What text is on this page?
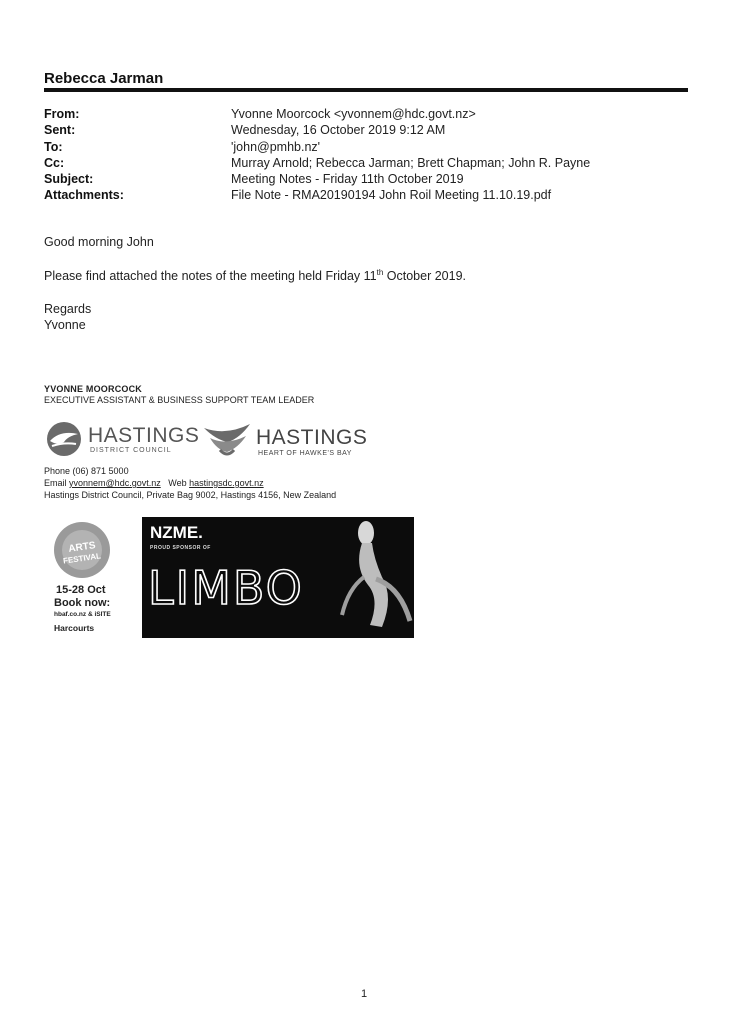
Rebecca Jarman
From:	Yvonne Moorcock <yvonnem@hdc.govt.nz>
Sent:	Wednesday, 16 October 2019 9:12 AM
To:	'john@pmhb.nz'
Cc:	Murray Arnold; Rebecca Jarman; Brett Chapman; John R. Payne
Subject:	Meeting Notes - Friday 11th October 2019
Attachments:	File Note - RMA20190194 John Roil Meeting 11.10.19.pdf
Good morning John
Please find attached the notes of the meeting held Friday 11th October 2019.
Regards
Yvonne
YVONNE MOORCOCK
EXECUTIVE ASSISTANT & BUSINESS SUPPORT TEAM LEADER
HASTINGS
DISTRICT COUNCIL
HASTINGS
HEART OF HAWKE'S BAY
Phone (06) 871 5000
Email yvonnem@hdc.govt.nz Web hastingsdc.govt.nz
Hastings District Council, Private Bag 9002, Hastings 4156, New Zealand
ARTS
FESTIVAL
15-28 Oct
Book now:
hbaf.co.nz & iSITE
Harcourts
NZME.
PROUD SPONSOR OF
LIMBO
1
